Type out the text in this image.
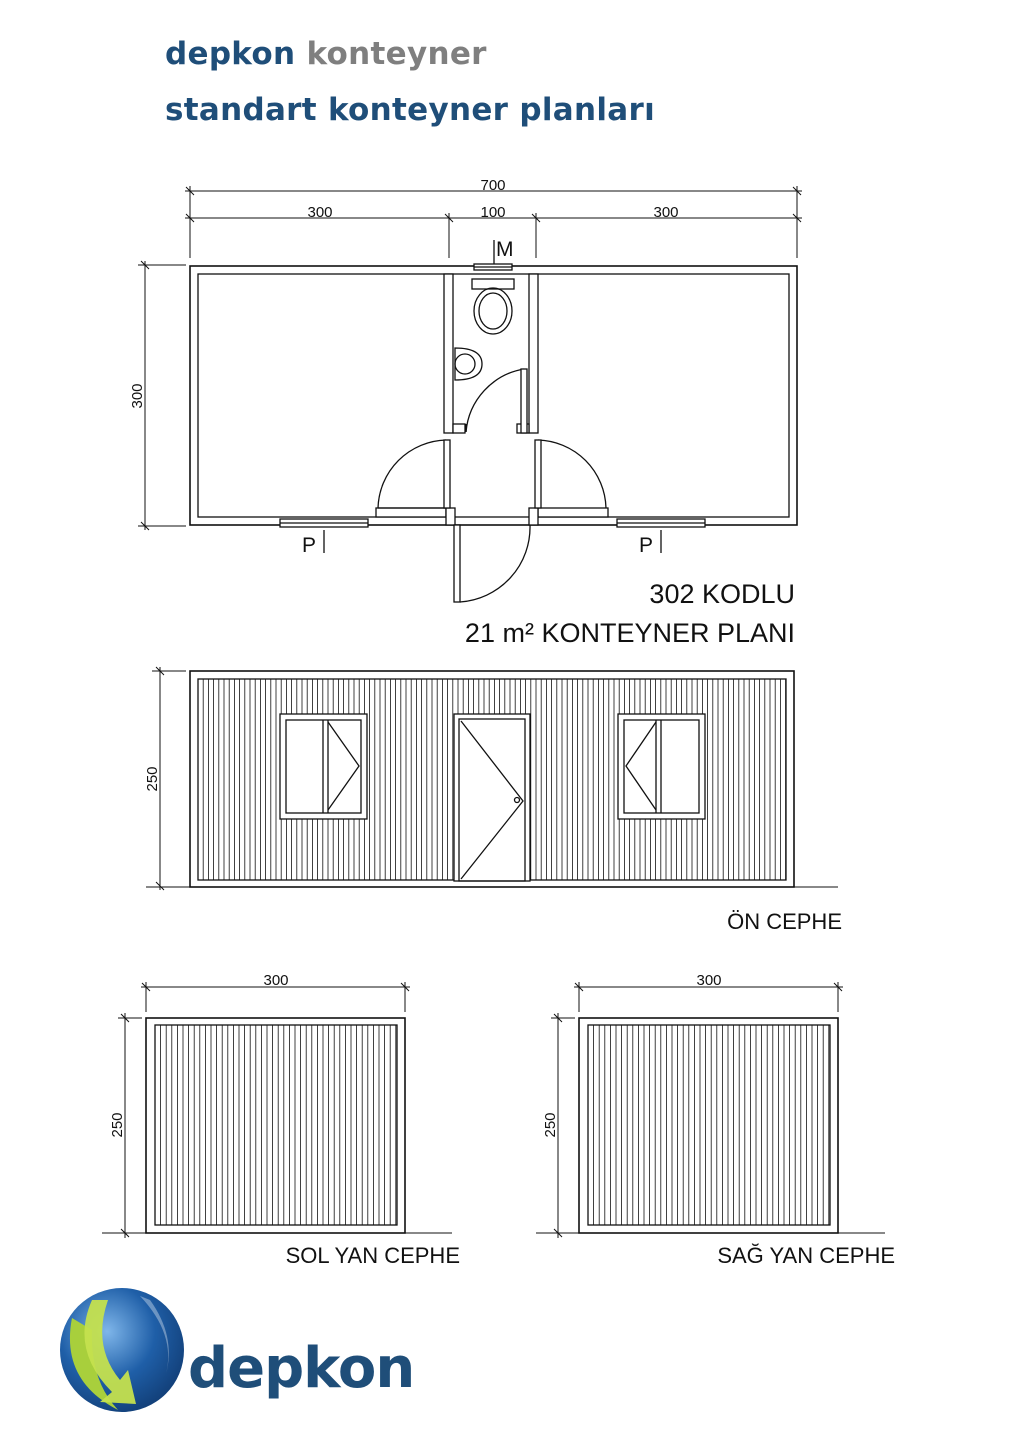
depkon konteyner
standart konteyner planları
700
300	100	300
300
M
P	P
302 KODLU
21 m² KONTEYNER PLANI
250
ÖN CEPHE
300
250
SOL YAN CEPHE
300
250
SAĞ YAN CEPHE
depkon
